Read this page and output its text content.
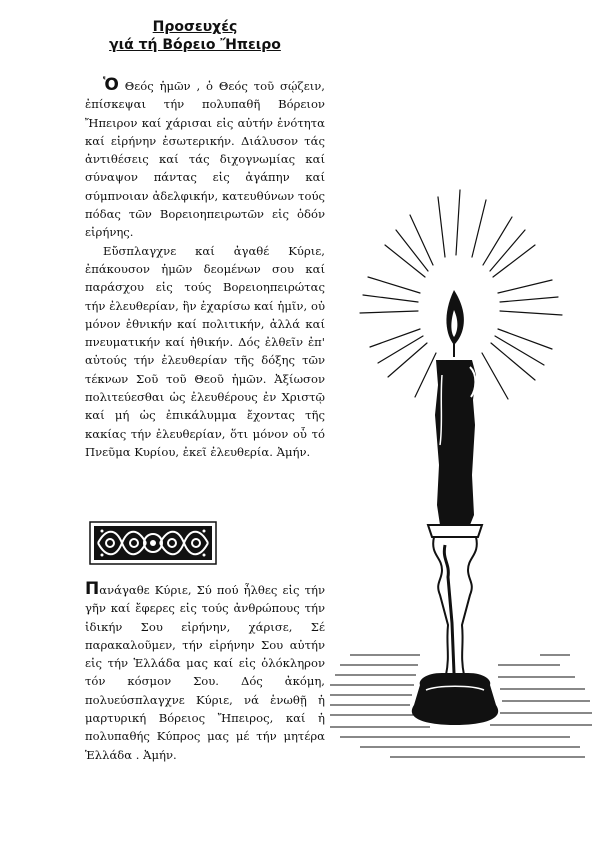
Προσευχές
γιά τή Βόρειο Ἤπειρο

Ὁ Θεός ἡμῶν , ὁ Θεός τοῦ σῴζειν, ἐπίσκεψαι τήν πολυπαθῆ Βόρειον Ἤπειρον καί χάρισαι εἰς αὐτήν ἑνότητα καί εἰρήνην ἐσωτερικήν. Διάλυσον τάς ἀντιθέσεις καί τάς διχογνωμίας καί σύναψον πάντας εἰς ἀγάπην καί σύμπνοιαν ἀδελφικήν, κατευθύνων τούς πόδας τῶν Βορειοηπειρωτῶν εἰς ὁδόν εἰρήνης.

Εὔσπλαγχνε καί ἀγαθέ Κύριε, ἐπάκουσον ἡμῶν δεομένων σου καί παράσχου εἰς τούς Βορειοηπειρώτας τήν ἐλευθερίαν, ἣν ἐχαρίσω καί ἡμῖν, οὐ μόνον ἐθνικήν καί πολιτικήν, ἀλλά καί πνευματικήν καί ἠθικήν. Δός ἐλθεῖν ἐπ' αὐτούς τήν ἐλευθερίαν τῆς δόξης τῶν τέκνων Σοῦ τοῦ Θεοῦ ἡμῶν. Ἀξίωσον πολιτεύεσθαι ὡς ἐλευθέρους ἐν Χριστῷ καί μή ὡς ἐπικάλυμμα ἔχοντας τῆς κακίας τήν ἐλευθερίαν, ὅτι μόνον οὗ τό Πνεῦμα Κυρίου, ἐκεῖ ἐλευθερία. Ἀμήν.

Πανάγαθε Κύριε, Σύ πού ἦλθες εἰς τήν γῆν καί ἔφερες εἰς τούς ἀνθρώπους τήν ἰδικήν Σου εἰρήνην, χάρισε, Σέ παρακαλοῦμεν, τήν εἰρήνην Σου αὐτήν εἰς τήν Ἑλλάδα μας καί εἰς ὁλόκληρον τόν κόσμον Σου. Δός ἀκόμη, πολυεύσπλαγχνε Κύριε, νά ἑνωθῇ ἡ μαρτυρική Βόρειος Ἤπειρος, καί ἡ πολυπαθής Κύπρος μας μέ τήν μητέρα Ἑλλάδα . Ἀμήν.
